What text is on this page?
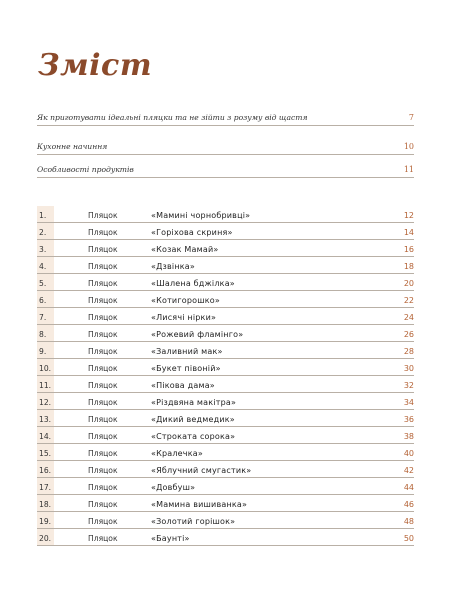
Зміст
Як приготувати ідеальні пляцки та не зійти з розуму від щастя	7
Кухонне начиння	10
Особливості продуктів	11
1.	Пляцок	«Мамині чорнобривці»	12
2.	Пляцок	«Горіхова скриня»	14
3.	Пляцок	«Козак Мамай»	16
4.	Пляцок	«Дзвінка»	18
5.	Пляцок	«Шалена бджілка»	20
6.	Пляцок	«Котигорошко»	22
7.	Пляцок	«Лисячі нірки»	24
8.	Пляцок	«Рожевий фламінго»	26
9.	Пляцок	«Заливний мак»	28
10.	Пляцок	«Букет півоній»	30
11.	Пляцок	«Пікова дама»	32
12.	Пляцок	«Різдвяна макітра»	34
13.	Пляцок	«Дикий ведмедик»	36
14.	Пляцок	«Строката сорока»	38
15.	Пляцок	«Кралечка»	40
16.	Пляцок	«Яблучний смугастик»	42
17.	Пляцок	«Довбуш»	44
18.	Пляцок	«Мамина вишиванка»	46
19.	Пляцок	«Золотий горішок»	48
20.	Пляцок	«Баунті»	50
